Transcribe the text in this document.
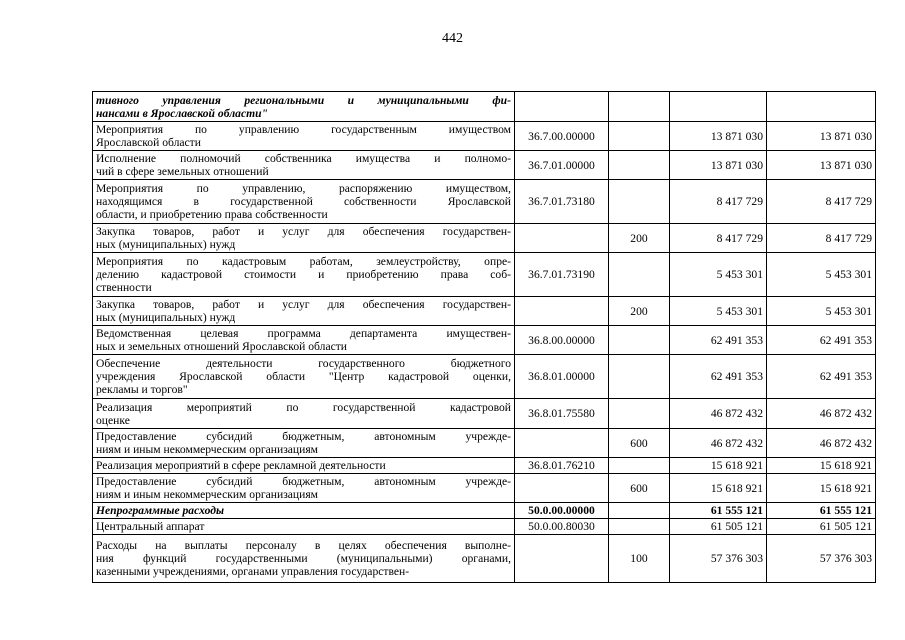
442
тивного управления региональными и муниципальными фи-
нансами в Ярославской области"				

Мероприятия по управлению государственным имуществом
Ярославской области	36.7.00.00000		13 871 030	13 871 030

Исполнение полномочий собственника имущества и полномо-
чий в сфере земельных отношений	36.7.01.00000		13 871 030	13 871 030

Мероприятия по управлению, распоряжению имуществом,
находящимся в государственной собственности Ярославской
области, и приобретению права собственности	36.7.01.73180		8 417 729	8 417 729

Закупка товаров, работ и услуг для обеспечения государствен-
ных (муниципальных) нужд		200	8 417 729	8 417 729

Мероприятия по кадастровым работам, землеустройству, опре-
делению кадастровой стоимости и приобретению права соб-
ственности	36.7.01.73190		5 453 301	5 453 301

Закупка товаров, работ и услуг для обеспечения государствен-
ных (муниципальных) нужд		200	5 453 301	5 453 301

Ведомственная целевая программа департамента имуществен-
ных и земельных отношений Ярославской области	36.8.00.00000		62 491 353	62 491 353

Обеспечение деятельности государственного бюджетного
учреждения Ярославской области "Центр кадастровой оценки,
рекламы и торгов"	36.8.01.00000		62 491 353	62 491 353

Реализация мероприятий по государственной кадастровой
оценке	36.8.01.75580		46 872 432	46 872 432

Предоставление субсидий бюджетным, автономным учрежде-
ниям и иным некоммерческим организациям		600	46 872 432	46 872 432

Реализация мероприятий в сфере рекламной деятельности	36.8.01.76210		15 618 921	15 618 921

Предоставление субсидий бюджетным, автономным учрежде-
ниям и иным некоммерческим организациям		600	15 618 921	15 618 921

Непрограммные расходы	50.0.00.00000		61 555 121	61 555 121

Центральный аппарат	50.0.00.80030		61 505 121	61 505 121

Расходы на выплаты персоналу в целях обеспечения выполне-
ния функций государственными (муниципальными) органами,
казенными учреждениями, органами управления государствен-		100	57 376 303	57 376 303
